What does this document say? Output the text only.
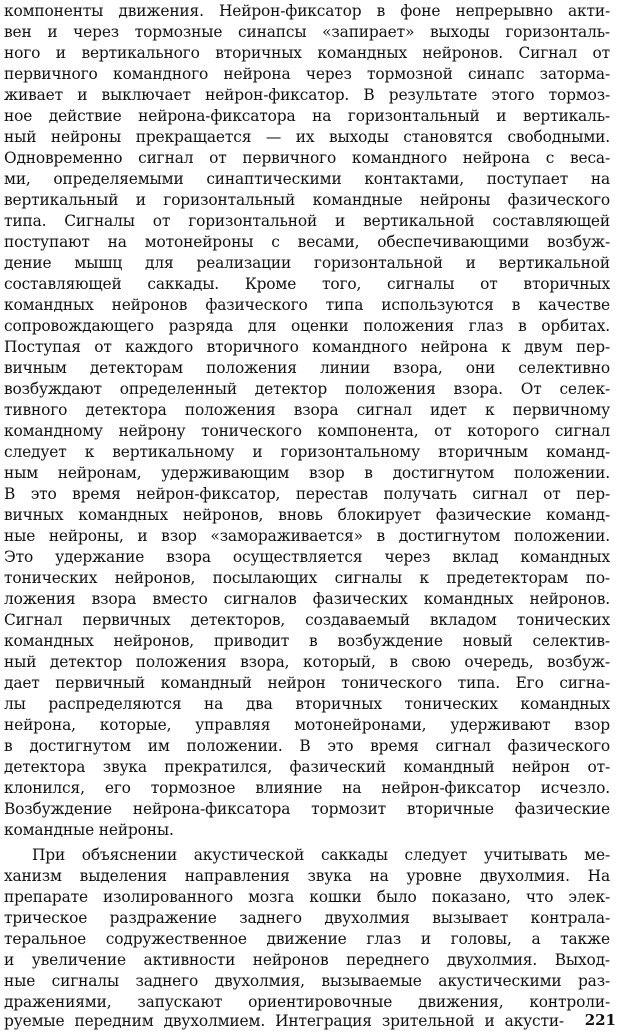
компоненты движения. Нейрон-фиксатор в фоне непрерывно акти-
вен и через тормозные синапсы «запирает» выходы горизонталь-
ного и вертикального вторичных командных нейронов. Сигнал от
первичного командного нейрона через тормозной синапс затормa-
живает и выключает нейрон-фиксатор. В результате этого тормоз-
ное действие нейрона-фиксатора на горизонтальный и вертикаль-
ный нейроны прекращается — их выходы становятся свободными.
Одновременно сигнал от первичного командного нейрона с веса-
ми, определяемыми синаптическими контактами, поступает на
вертикальный и горизонтальный командные нейроны фазического
типа. Сигналы от горизонтальной и вертикальной составляющей
поступают на мотонейроны с весами, обеспечивающими возбуж-
дение мышц для реализации горизонтальной и вертикальной
составляющей саккады. Кроме того, сигналы от вторичных
командных нейронов фазического типа используются в качестве
сопровождающего разряда для оценки положения глаз в орбитах.
Поступая от каждого вторичного командного нейрона к двум пер-
вичным детекторам положения линии взора, они селективно
возбуждают определенный детектор положения взора. От селек-
тивного детектора положения взора сигнал идет к первичному
командному нейрону тонического компонента, от которого сигнал
следует к вертикальному и горизонтальному вторичным команд-
ным нейронам, удерживающим взор в достигнутом положении.
В это время нейрон-фиксатор, перестав получать сигнал от пер-
вичных командных нейронов, вновь блокирует фазические команд-
ные нейроны, и взор «замораживается» в достигнутом положении.
Это удержание взора осуществляется через вклад командных
тонических нейронов, посылающих сигналы к предетекторам по-
ложения взора вместо сигналов фазических командных нейронов.
Сигнал первичных детекторов, создаваемый вкладом тонических
командных нейронов, приводит в возбуждение новый селектив-
ный детектор положения взора, который, в свою очередь, возбуж-
дает первичный командный нейрон тонического типа. Его сигна-
лы распределяются на два вторичных тонических командных
нейрона, которые, управляя мотонейронами, удерживают взор
в достигнутом им положении. В это время сигнал фазического
детектора звука прекратился, фазический командный нейрон от-
клонился, его тормозное влияние на нейрон-фиксатор исчезло.
Возбуждение нейрона-фиксатора тормозит вторичные фазические
командные нейроны.
При объяснении акустической саккады следует учитывать ме-
ханизм выделения направления звука на уровне двухолмия. На
препарате изолированного мозга кошки было показано, что элек-
трическое раздражение заднего двухолмия вызывает контрала-
теральное содружественное движение глаз и головы, а также
и увеличение активности нейронов переднего двухолмия. Выход-
ные сигналы заднего двухолмия, вызываемые акустическими раз-
дражениями, запускают ориентировочные движения, контроли-
руемые передним двухолмием. Интеграция зрительной и акусти- 221
